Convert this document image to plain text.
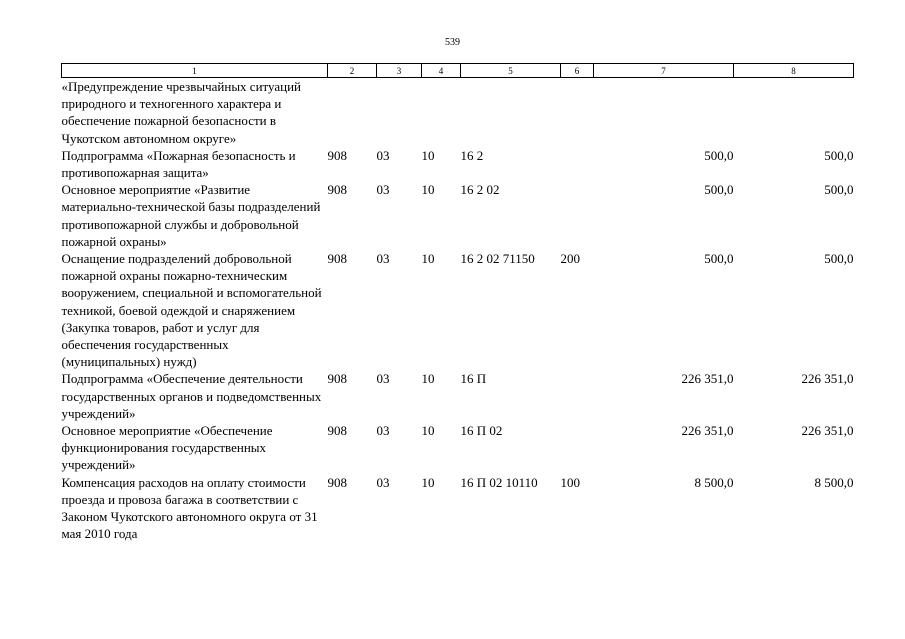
539
1	2	3	4	5	6	7	8
«Предупреждение чрезвычайных ситуаций природного и техногенного характера и обеспечение пожарной безопасности в Чукотском автономном округе»							
Подпрограмма «Пожарная безопасность и противопожарная защита»	908	03	10	16 2		500,0	500,0
Основное мероприятие «Развитие материально-технической базы подразделений противопожарной службы и добровольной пожарной охраны»	908	03	10	16 2 02		500,0	500,0
Оснащение подразделений добровольной пожарной охраны пожарно-техническим вооружением, специальной и вспомогательной техникой, боевой одеждой и снаряжением (Закупка товаров, работ и услуг для обеспечения государственных (муниципальных) нужд)	908	03	10	16 2 02 71150	200	500,0	500,0
Подпрограмма «Обеспечение деятельности государственных органов и подведомственных учреждений»	908	03	10	16 П		226 351,0	226 351,0
Основное мероприятие «Обеспечение функционирования государственных учреждений»	908	03	10	16 П 02		226 351,0	226 351,0
Компенсация расходов на оплату стоимости проезда и провоза багажа в соответствии с Законом Чукотского автономного округа от 31 мая 2010 года	908	03	10	16 П 02 10110	100	8 500,0	8 500,0
